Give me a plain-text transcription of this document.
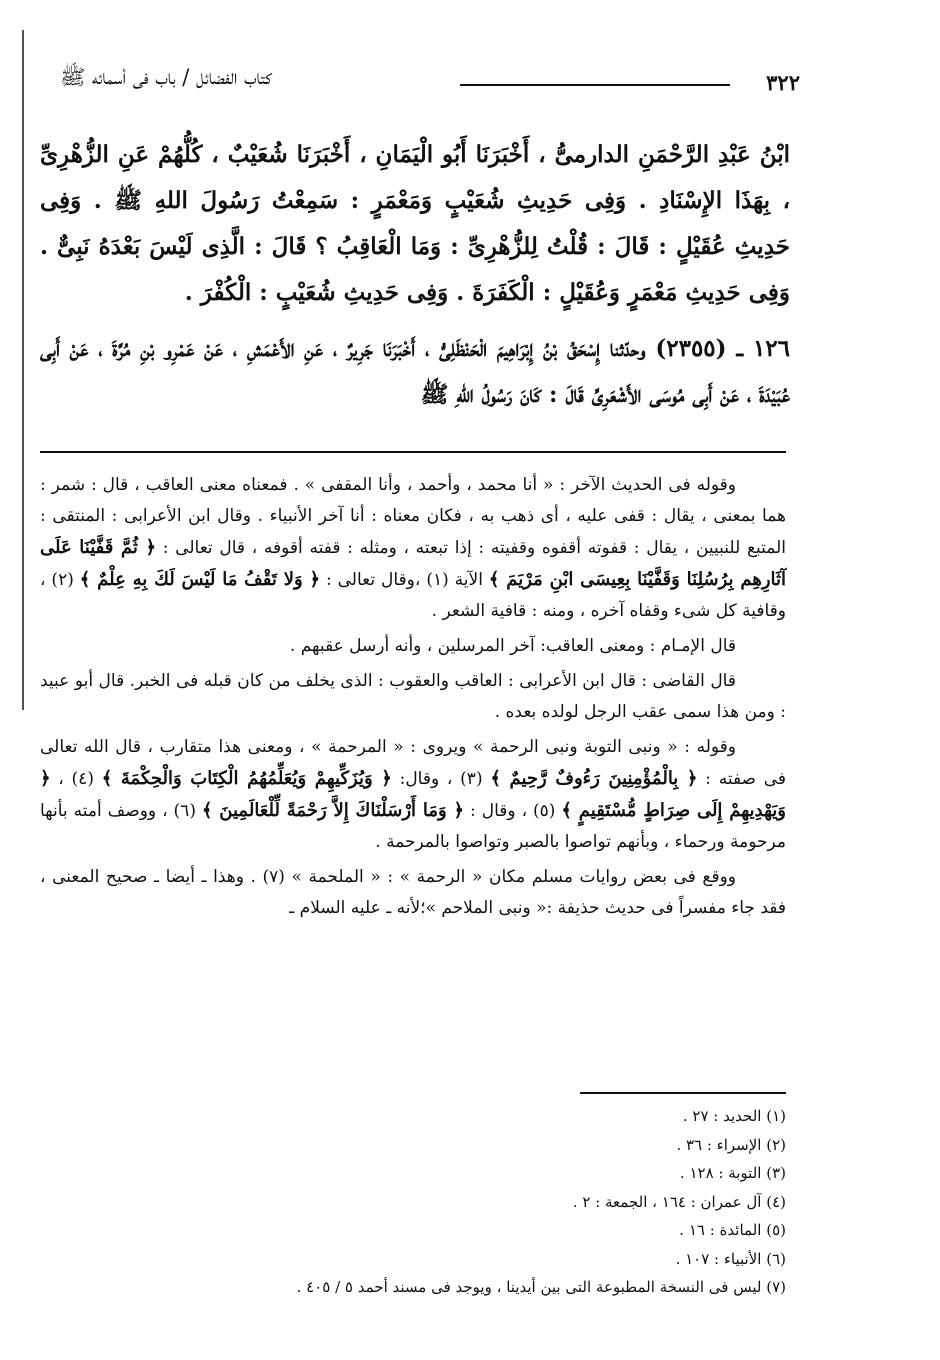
٣٢٢
كتاب الفضائل / باب فى أسمائه ﷺ

ابْنُ عَبْدِ الرَّحْمَنِ الدارمىُّ ، أَخْبَرَنَا أَبُو الْيَمَانِ ، أَخْبَرَنَا شُعَيْبٌ ، كُلُّهُمْ عَنِ الزُّهْرِىِّ ، بِهَذَا الإِسْنَادِ . وَفِى حَدِيثِ شُعَيْبٍ وَمَعْمَرٍ : سَمِعْتُ رَسُولَ اللهِ ﷺ . وَفِى حَدِيثِ عُقَيْلٍ : قَالَ : قُلْتُ لِلزُّهْرِىِّ : وَمَا الْعَاقِبُ ؟ قَالَ : الَّذِى لَيْسَ بَعْدَهُ نَبِىٌّ . وَفِى حَدِيثِ مَعْمَرٍ وَعُقَيْلٍ : الْكَفَرَةَ . وَفِى حَدِيثِ شُعَيْبٍ : الْكُفْرَ .

١٢٦ ـ (٢٣٥٥) وحدّثنا إِسْحَقُ بْنُ إِبْرَاهِيمَ الْحَنْظَلِىُّ ، أَخْبَرَنَا جَرِيرٌ ، عَنِ الأَعْمَشِ ، عَنْ عَمْرِو بْنِ مُرَّةَ ، عَنْ أَبِى عُبَيْدَةَ ، عَنْ أَبِى مُوسَى الأَشْعَرِىِّ قَالَ : كَانَ رَسُولُ اللهِ ﷺ

وقوله فى الحديث الآخر : « أنا محمد ، وأحمد ، وأنا المقفى » . فمعناه معنى العاقب ، قال : شمر : هما بمعنى ، يقال : قفى عليه ، أى ذهب به ، فكان معناه : أنا آخر الأنبياء . وقال ابن الأعرابى : المنتقى : المتبع للنبيين ، يقال : قفوته أقفوه وقفيته : إذا تبعته ، ومثله : قفته أقوفه ، قال تعالى : ﴿ ثُمَّ قَفَّيْنَا عَلَى آثَارِهِم بِرُسُلِنَا وَقَفَّيْنَا بِعِيسَى ابْنِ مَرْيَمَ ﴾ الآية (١) ،وقال تعالى : ﴿ وَلا تَقْفُ مَا لَيْسَ لَكَ بِهِ عِلْمٌ ﴾ (٢) ، وقافية كل شىء وقفاه آخره ، ومنه : قافية الشعر .

قال الإمـام : ومعنى العاقب: آخر المرسلين ، وأنه أرسل عقبهم .

قال القاضى : قال ابن الأعرابى : العاقب والعقوب : الذى يخلف من كان قبله فى الخبر. قال أبو عبيد : ومن هذا سمى عقب الرجل لولده بعده .

وقوله : « ونبى التوبة ونبى الرحمة » ويروى : « المرحمة » ، ومعنى هذا متقارب ، قال الله تعالى فى صفته : ﴿ بِالْمُؤْمِنِينَ رَءُوفٌ رَّحِيمٌ ﴾ (٣) ، وقال: ﴿ وَيُزَكِّيهِمْ وَيُعَلِّمُهُمُ الْكِتَابَ وَالْحِكْمَةَ ﴾ (٤) ، ﴿ وَيَهْدِيهِمْ إِلَى صِرَاطٍ مُّسْتَقِيمٍ ﴾ (٥) ، وقال : ﴿ وَمَا أَرْسَلْنَاكَ إِلاَّ رَحْمَةً لِّلْعَالَمِينَ ﴾ (٦) ، ووصف أمته بأنها مرحومة ورحماء ، وبأنهم تواصوا بالصبر وتواصوا بالمرحمة .

ووقع فى بعض روايات مسلم مكان « الرحمة » : « الملحمة » (٧) . وهذا ـ أيضا ـ صحيح المعنى ، فقد جاء مفسراً فى حديث حذيفة :« ونبى الملاحم »؛لأنه ـ عليه السلام ـ

(١) الحديد : ٢٧ .
(٢) الإسراء : ٣٦ .
(٣) التوبة : ١٢٨ .
(٤) آل عمران : ١٦٤ ، الجمعة : ٢ .
(٥) المائدة : ١٦ .
(٦) الأنبياء : ١٠٧ .
(٧) ليس فى النسخة المطبوعة التى بين أيدينا ، ويوجد فى مسند أحمد ٥ / ٤٠٥ .
